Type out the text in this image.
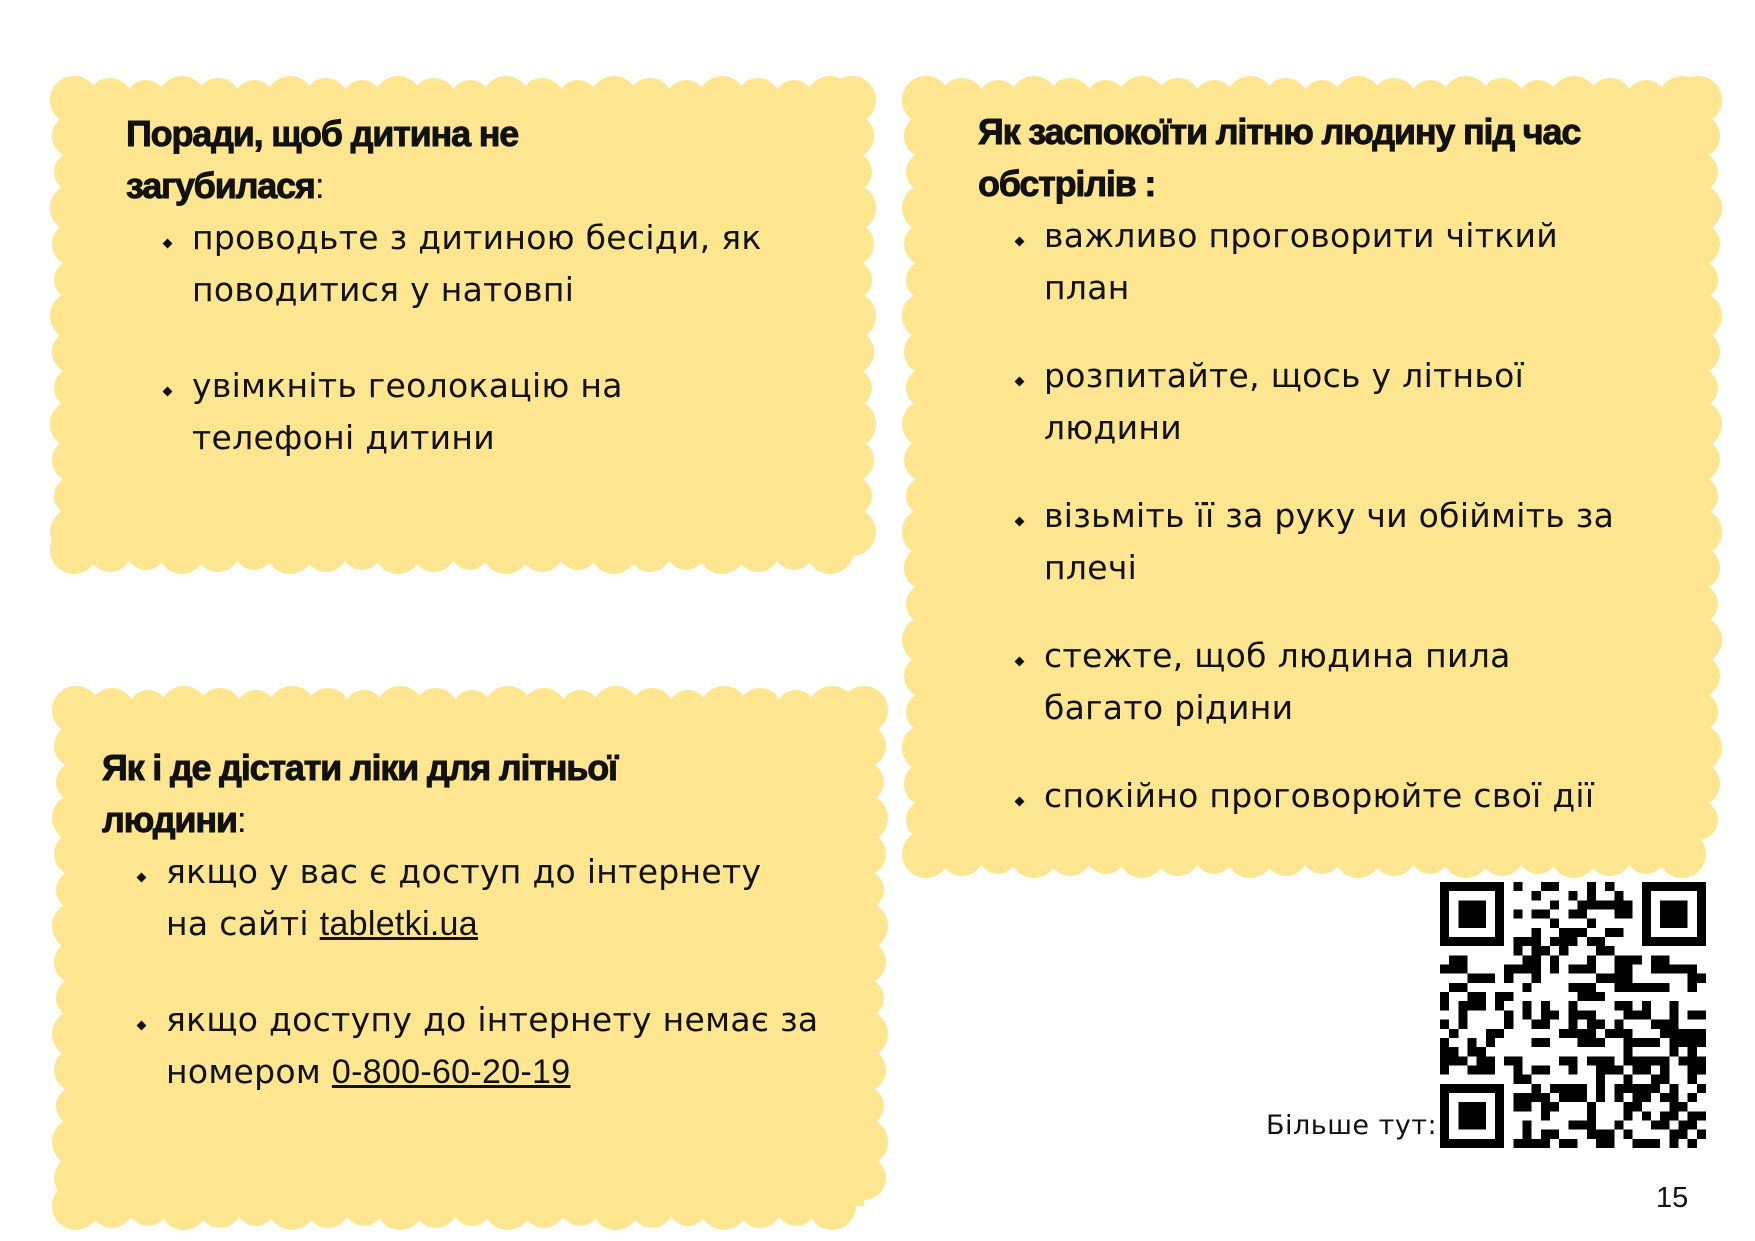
Поради, щоб дитина не загубилася:
проводьте з дитиною бесіди, як поводитися у натовпі
увімкніть геолокацію на телефоні дитини
Як заспокоїти літню людину під час обстрілів :
важливо проговорити чіткий план
розпитайте, щось у літньої людини
візьміть її за руку чи обійміть за плечі
стежте, щоб людина пила багато рідини
спокійно проговорюйте свої дії
Як і де дістати ліки для літньої людини:
якщо у вас є доступ до інтернету на сайті tabletki.ua
якщо доступу до інтернету немає за номером 0-800-60-20-19
Більше тут:
15
